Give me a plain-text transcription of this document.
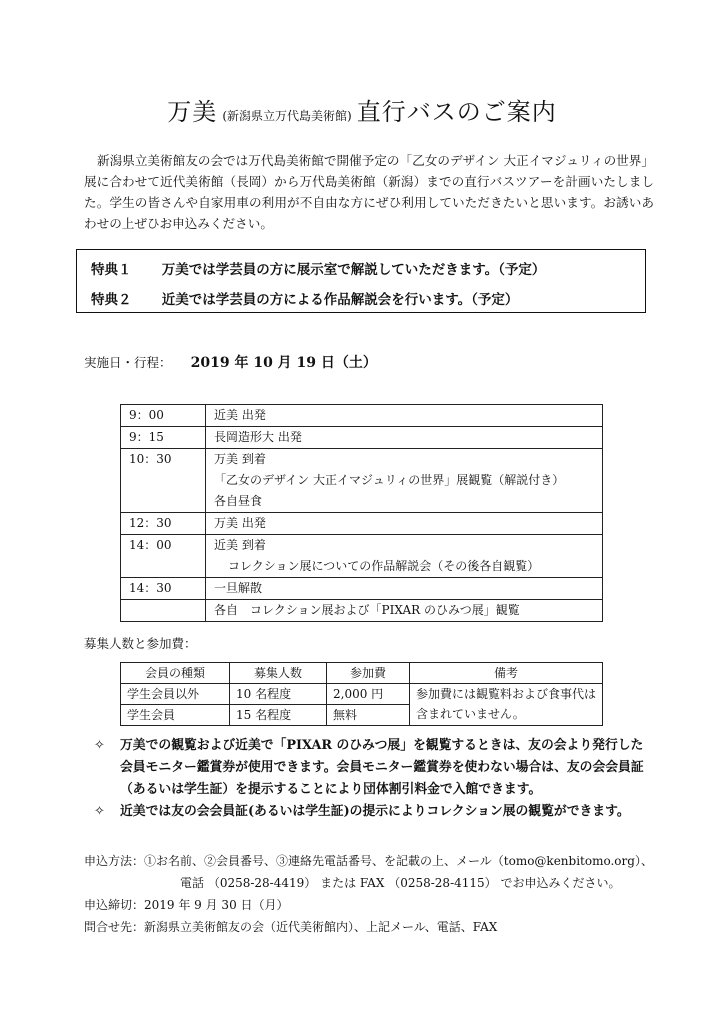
万美 (新潟県立万代島美術館) 直行バスのご案内
新潟県立美術館友の会では万代島美術館で開催予定の「乙女のデザイン 大正イマジュリィの世界」展に合わせて近代美術館（長岡）から万代島美術館（新潟）までの直行バスツアーを計画いたしました。学生の皆さんや自家用車の利用が不自由な方にぜひ利用していただきたいと思います。お誘いあわせの上ぜひお申込みください。
特典１ 万美では学芸員の方に展示室で解説していただきます。（予定）
特典２ 近美では学芸員の方による作品解説会を行います。（予定）
実施日・行程： 2019 年 10 月 19 日（土）
9：00	近美 出発
9：15	長岡造形大 出発
10：30	万美 到着
「乙女のデザイン 大正イマジュリィの世界」展観覧（解説付き）
各自昼食

12：30	万美 出発
14：00	近美 到着
コレクション展についての作品解説会（その後各自観覧）

14：30	一旦解散
	各自　コレクション展および「PIXAR のひみつ展」観覧
募集人数と参加費：
会員の種類	募集人数	参加費	備考
学生会員以外	10 名程度	2,000 円	参加費には観覧料および食事代は含まれていません。
学生会員	15 名程度	無料	
✧ 万美での観覧および近美で「PIXAR のひみつ展」を観覧するときは、友の会より発行した会員モニター鑑賞券が使用できます。会員モニター鑑賞券を使わない場合は、友の会会員証（あるいは学生証）を提示することにより団体割引料金で入館できます。
✧ 近美では友の会会員証(あるいは学生証)の提示によりコレクション展の観覧ができます。
申込方法：①お名前、②会員番号、③連絡先電話番号、を記載の上、メール（tomo@kenbitomo.org）、
電話 （0258-28-4419） または FAX （0258-28-4115） でお申込みください。
申込締切：2019 年 9 月 30 日（月）
問合せ先：新潟県立美術館友の会（近代美術館内）、上記メール、電話、FAX
